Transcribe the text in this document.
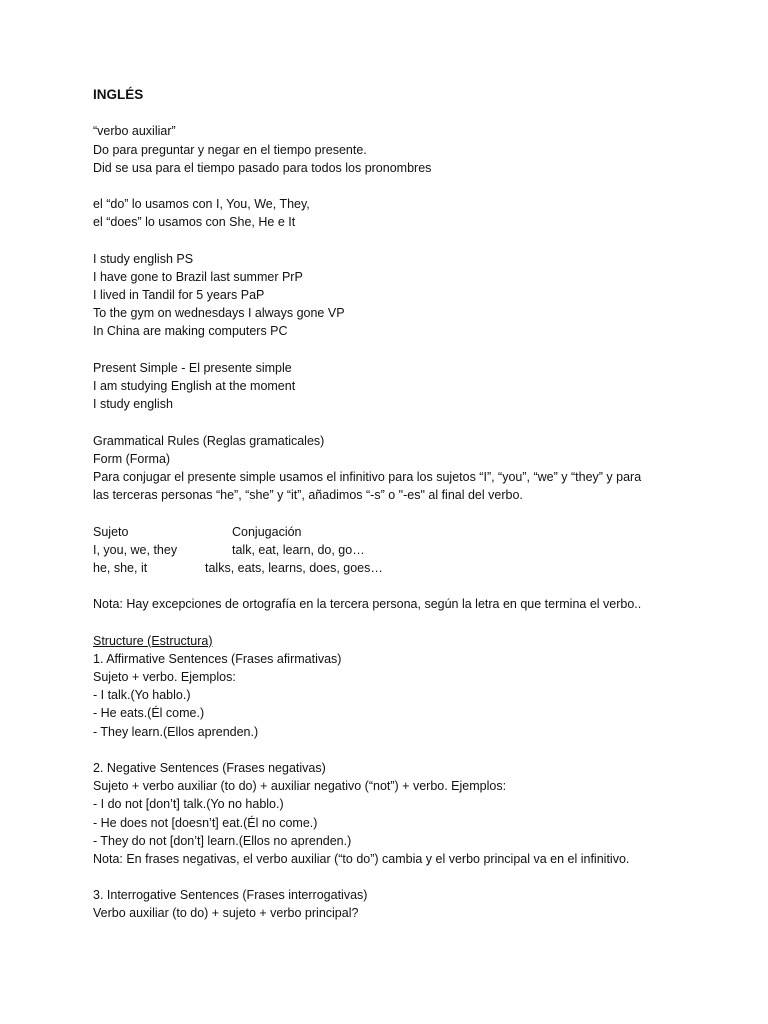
INGLÉS
“verbo auxiliar”
Do para preguntar y negar en el tiempo presente.
Did se usa para el tiempo pasado para todos los pronombres
el “do” lo usamos con I, You, We, They,
el “does” lo usamos con She, He e It
I study english PS
I have gone to Brazil last summer PrP
I lived in Tandil for 5 years PaP
To the gym on wednesdays I always gone VP
In China are making computers PC
Present Simple - El presente simple
I am studying English at the moment
I study english
Grammatical Rules (Reglas gramaticales)
Form (Forma)
Para conjugar el presente simple usamos el infinitivo para los sujetos “I”, “you”, “we” y “they” y para
las terceras personas “he”, “she” y “it”, añadimos “-s” o "-es" al final del verbo.
Sujeto	Conjugación
I, you, we, they	talk, eat, learn, do, go…
he, she, it	talks, eats, learns, does, goes…
Nota: Hay excepciones de ortografía en la tercera persona, según la letra en que termina el verbo..
Structure (Estructura)
1. Affirmative Sentences (Frases afirmativas)
Sujeto + verbo. Ejemplos:
- I talk.(Yo hablo.)
- He eats.(Él come.)
- They learn.(Ellos aprenden.)
2. Negative Sentences (Frases negativas)
Sujeto + verbo auxiliar (to do) + auxiliar negativo (“not”) + verbo. Ejemplos:
- I do not [don’t] talk.(Yo no hablo.)
- He does not [doesn’t] eat.(Él no come.)
- They do not [don’t] learn.(Ellos no aprenden.)
Nota: En frases negativas, el verbo auxiliar (“to do”) cambia y el verbo principal va en el infinitivo.
3. Interrogative Sentences (Frases interrogativas)
Verbo auxiliar (to do) + sujeto + verbo principal?
